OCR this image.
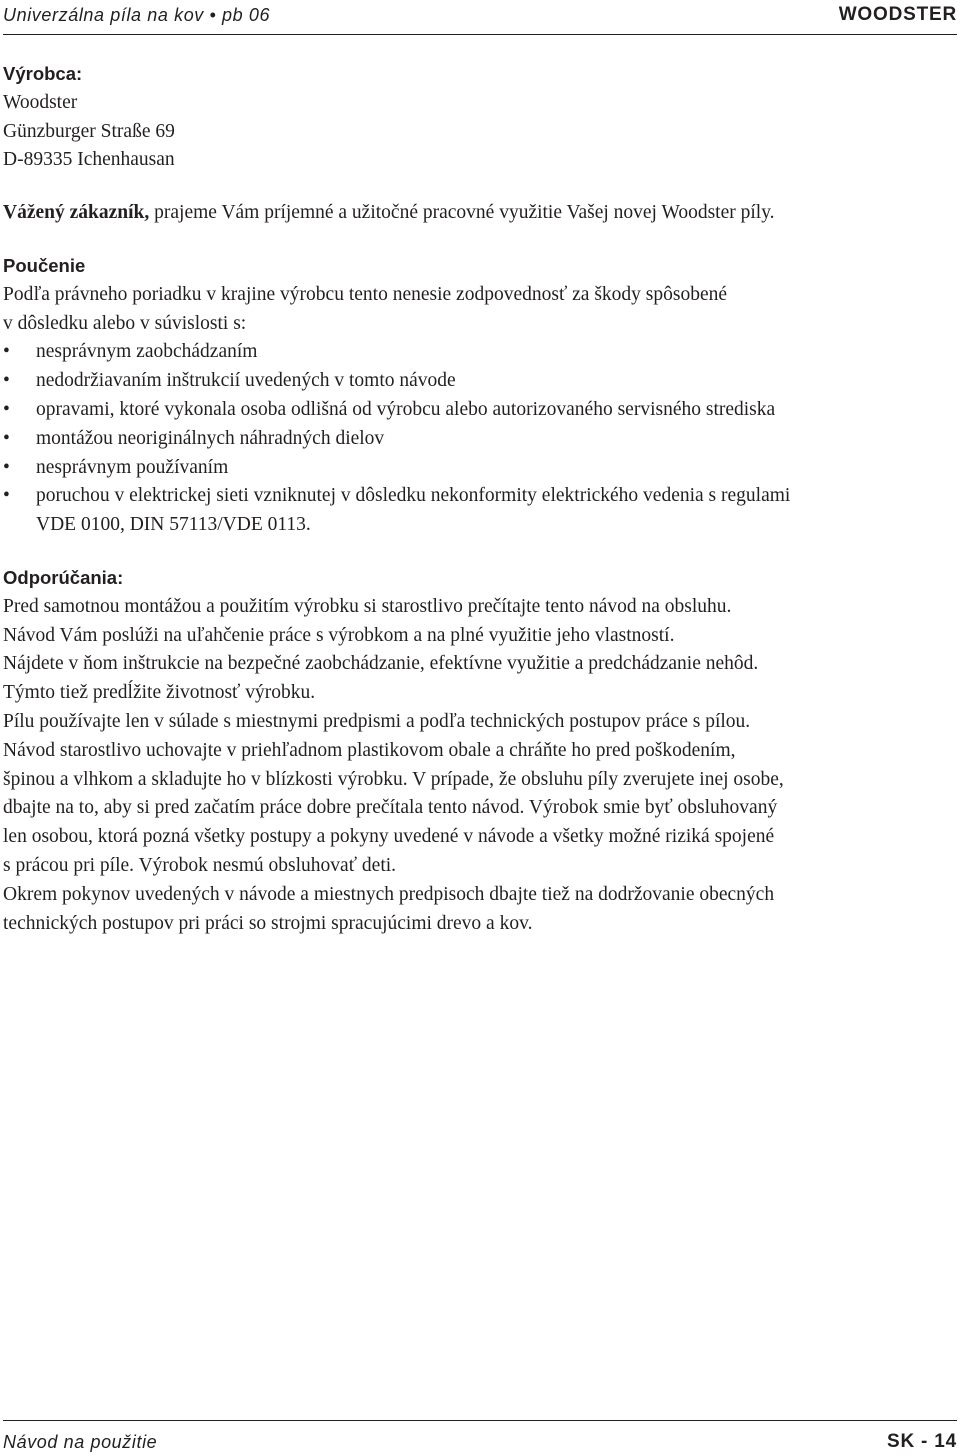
Univerzálna píla na kov • pb 06	WOODSTER

Výrobca:

Woodster

Günzburger Straße 69

D-89335 Ichenhausan

Vážený zákazník, prajeme Vám príjemné a užitočné pracovné využitie Vašej novej Woodster píly.

Poučenie

Podľa právneho poriadku v krajine výrobcu tento nenesie zodpovednosť za škody spôsobené

v dôsledku alebo v súvislosti s:

• nesprávnym zaobchádzaním
• nedodržiavaním inštrukcií uvedených v tomto návode
• opravami, ktoré vykonala osoba odlišná od výrobcu alebo autorizovaného servisného strediska
• montážou neoriginálnych náhradných dielov
• nesprávnym používaním
• poruchou v elektrickej sieti vzniknutej v dôsledku nekonformity elektrického vedenia s regulami
VDE 0100, DIN 57113/VDE 0113.

Odporúčania:

Pred samotnou montážou a použitím výrobku si starostlivo prečítajte tento návod na obsluhu.

Návod Vám poslúži na uľahčenie práce s výrobkom a na plné využitie jeho vlastností.

Nájdete v ňom inštrukcie na bezpečné zaobchádzanie, efektívne využitie a predchádzanie nehôd.

Týmto tiež predĺžite životnosť výrobku.

Pílu používajte len v súlade s miestnymi predpismi a podľa technických postupov práce s pílou.

Návod starostlivo uchovajte v priehľadnom plastikovom obale a chráňte ho pred poškodením,

špinou a vlhkom a skladujte ho v blízkosti výrobku. V prípade, že obsluhu píly zverujete inej osobe,

dbajte na to, aby si pred začatím práce dobre prečítala tento návod. Výrobok smie byť obsluhovaný

len osobou, ktorá pozná všetky postupy a pokyny uvedené v návode a všetky možné riziká spojené

s prácou pri píle. Výrobok nesmú obsluhovať deti.

Okrem pokynov uvedených v návode a miestnych predpisoch dbajte tiež na dodržovanie obecných

technických postupov pri práci so strojmi spracujúcimi drevo a kov.

Návod na použitie	SK - 14
